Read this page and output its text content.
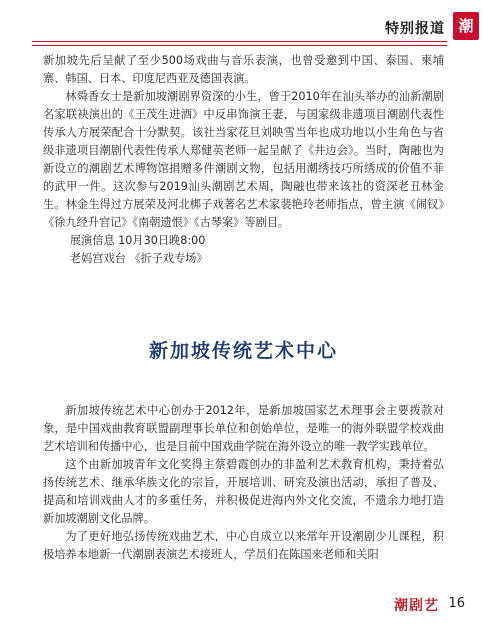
特别报道 潮

新加坡先后呈献了至少500场戏曲与音乐表演，也曾受邀到中国、泰国、柬埔寨、韩国、日本、印度尼西亚及德国表演。

林舜香女士是新加坡潮剧界资深的小生，曾于2010年在汕头举办的汕新潮剧名家联袂演出的《王茂生进酒》中反串饰演王妻，与国家级非遗项目潮剧代表性传承人方展荣配合十分默契。该社当家花旦刘映雪当年也成功地以小生角色与省级非遗项目潮剧代表性传承人郑健英老师一起呈献了《井边会》。当时，陶融也为新设立的潮剧艺术博物馆捐赠多件潮剧文物，包括用潮绣技巧所绣成的价值不菲的武甲一件。这次参与2019汕头潮剧艺术周，陶融也带来该社的资深老丑林金生。林金生得过方展荣及河北梆子戏著名艺术家裴艳玲老师指点，曾主演《闹钗》《徐九经升官记》《南朝遗恨》《古琴案》等剧目。

展演信息 10月30日晚8:00

老妈宫戏台 《折子戏专场》

新加坡传统艺术中心

新加坡传统艺术中心创办于2012年，是新加坡国家艺术理事会主要拨款对象，是中国戏曲教育联盟副理事长单位和创始单位，是唯一的海外联盟学校戏曲艺术培训和传播中心，也是目前中国戏曲学院在海外设立的唯一教学实践单位。

这个由新加坡青年文化奖得主蔡碧霞创办的非盈利艺术教育机构，秉持着弘扬传统艺术、继承华族文化的宗旨，开展培训、研究及演出活动，承担了普及、提高和培训戏曲人才的多重任务，并积极促进海内外文化交流，不遗余力地打造新加坡潮剧文化品牌。

为了更好地弘扬传统戏曲艺术，中心自成立以来常年开设潮剧少儿课程，积极培养本地新一代潮剧表演艺术接班人，学员们在陈国来老师和关阳

潮剧艺 16
